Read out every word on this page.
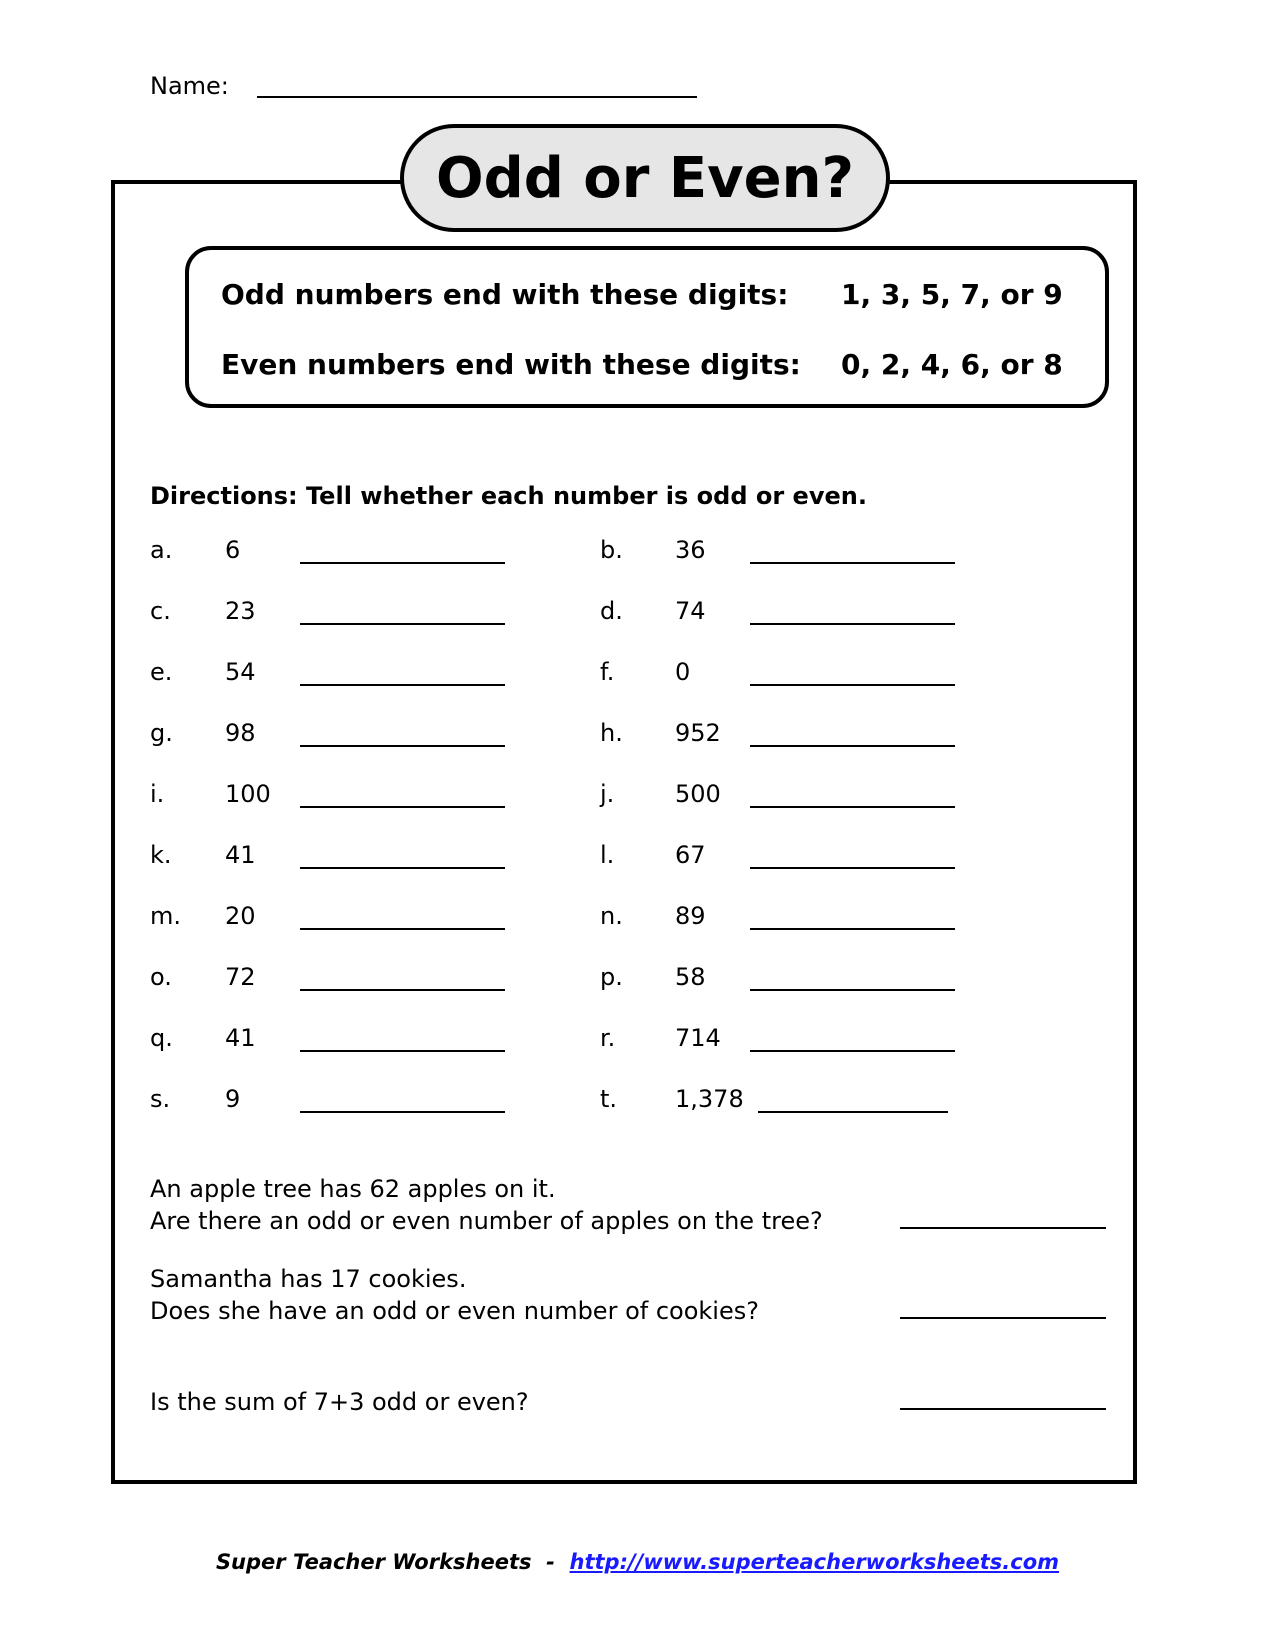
Name:
Odd or Even?
Odd numbers end with these digits: 1, 3, 5, 7, or 9
Even numbers end with these digits: 0, 2, 4, 6, or 8
Directions: Tell whether each number is odd or even.
a. 6
c. 23
e. 54
g. 98
i.	100
k. 41
m. 20
o. 72
q. 41
s. 9
b. 36
d. 74
f.	0
h. 952
j.	500
l.	67
n. 89
p. 58
r. 714
t. 1,378
An apple tree has 62 apples on it.
Are there an odd or even number of apples on the tree?
Samantha has 17 cookies.
Does she have an odd or even number of cookies?
Is the sum of 7+3 odd or even?
Super Teacher Worksheets - http://www.superteacherworksheets.com
